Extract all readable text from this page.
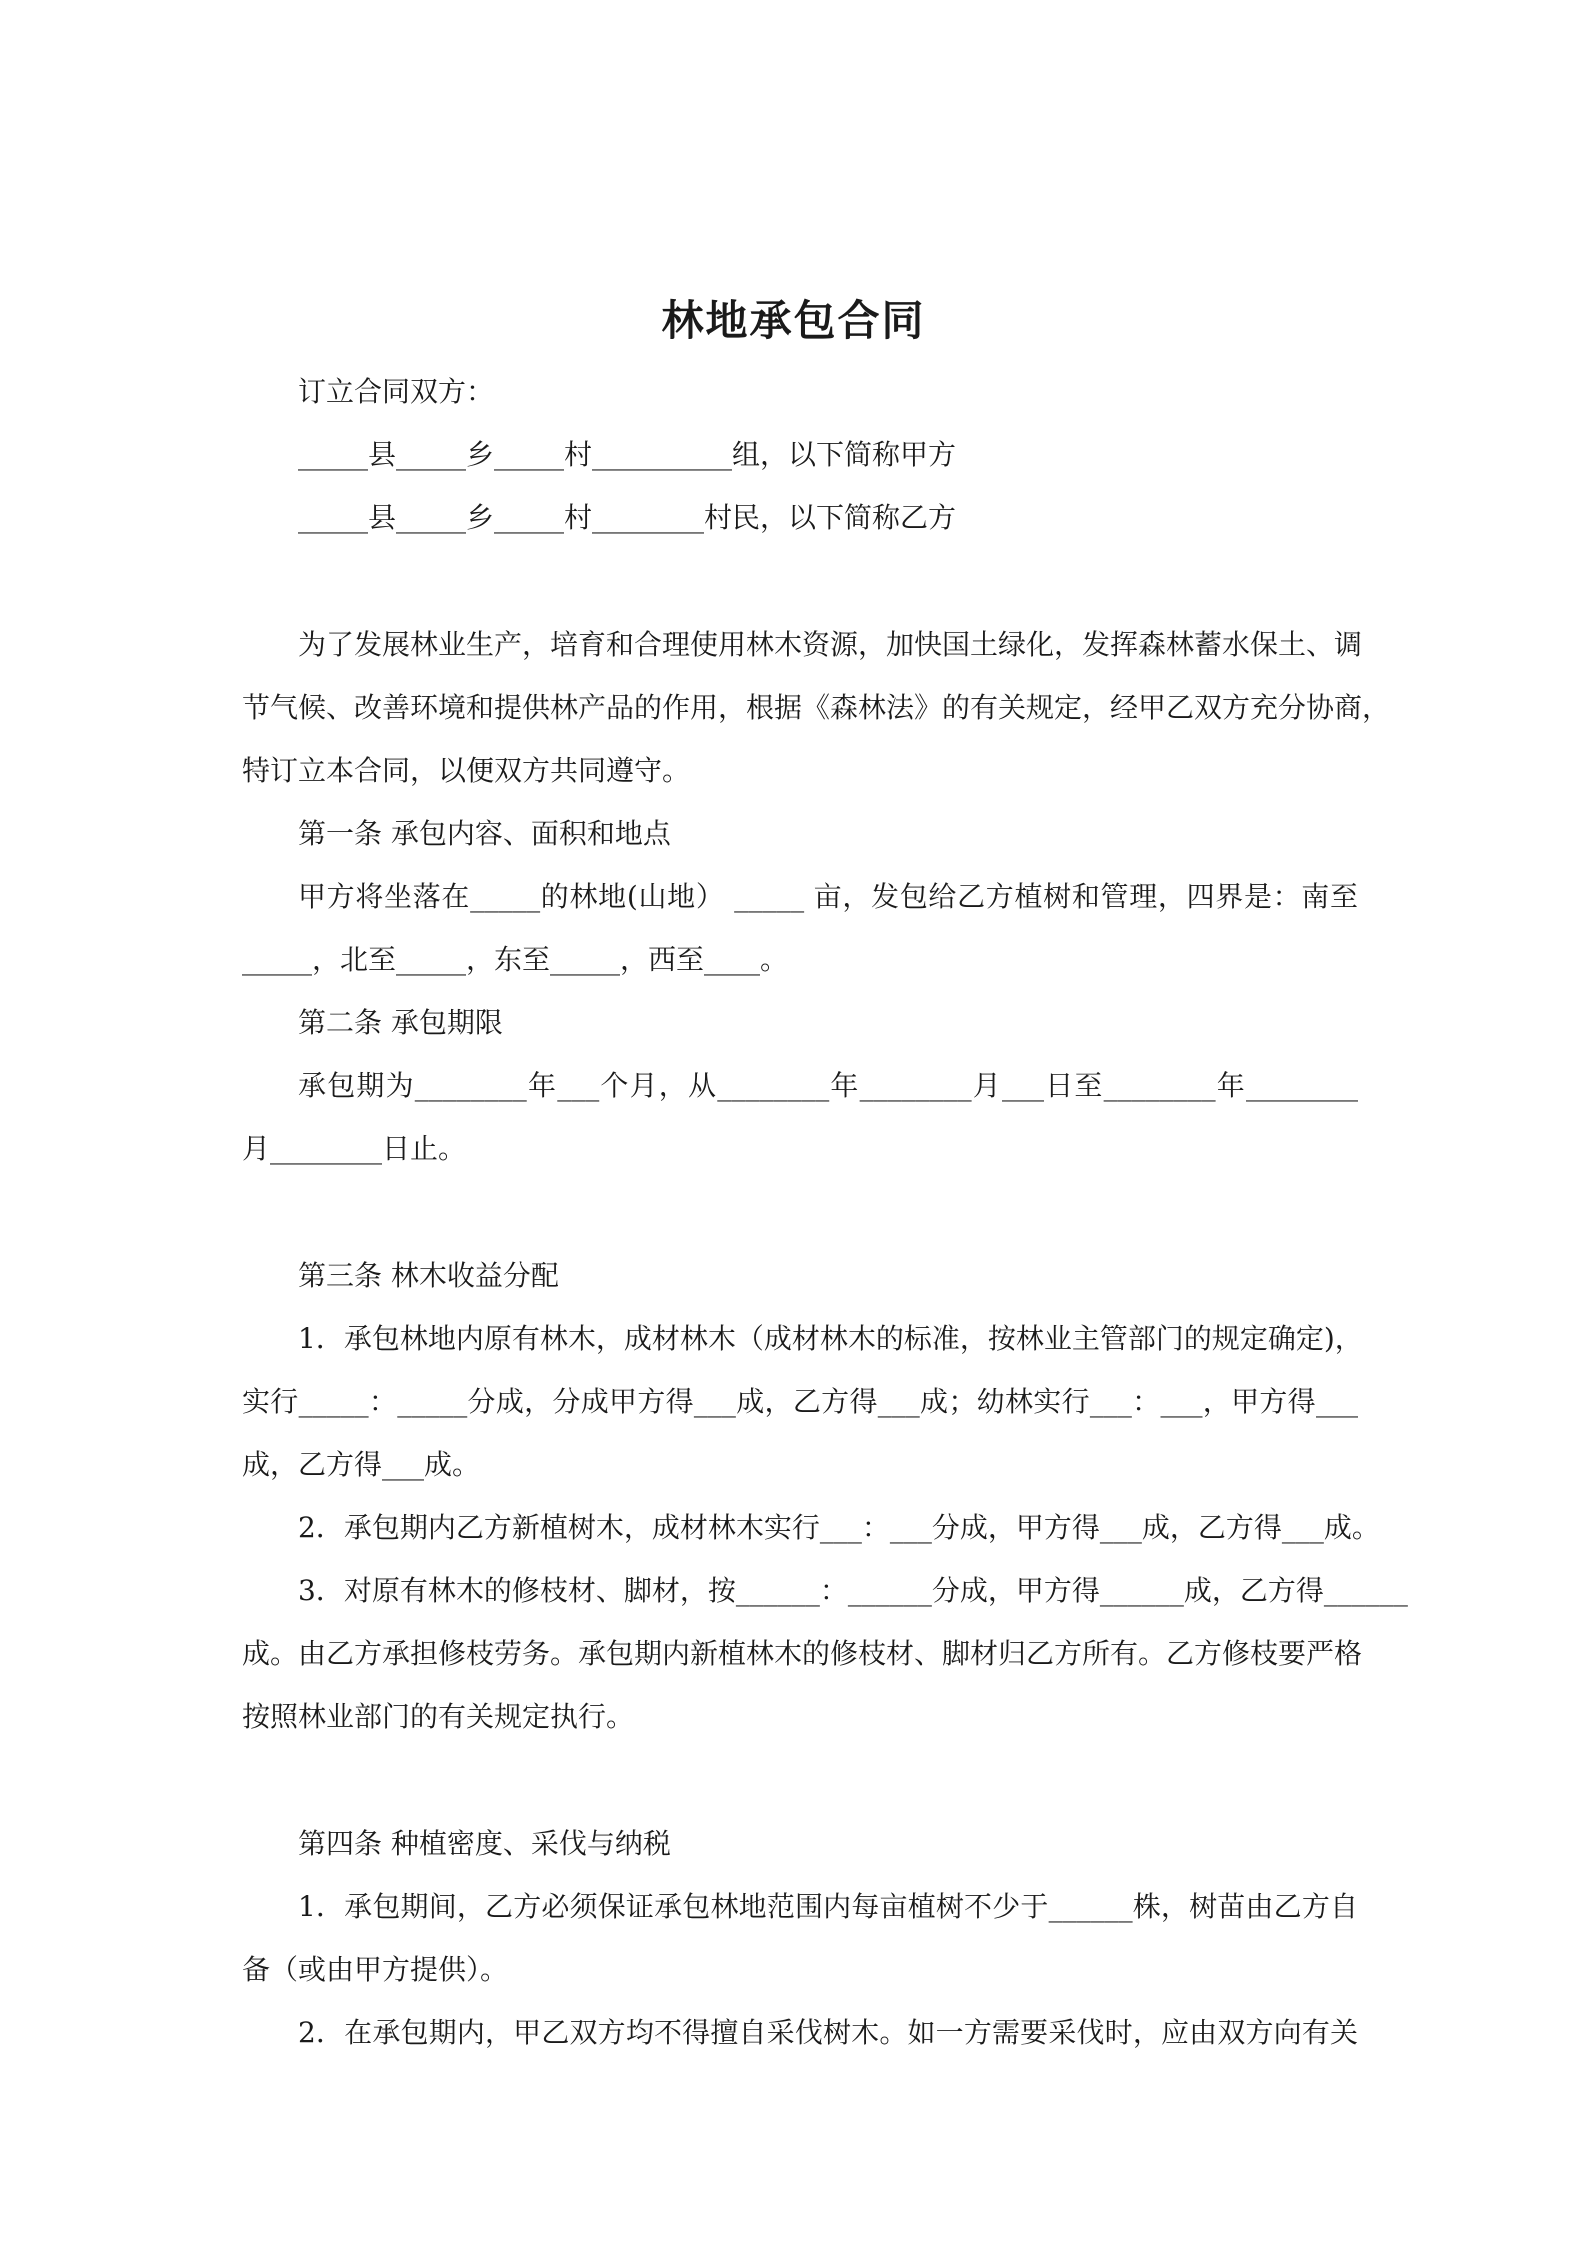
林地承包合同
订立合同双方：
_____县_____乡_____村__________组，以下简称甲方
_____县_____乡_____村________村民，以下简称乙方
为了发展林业生产，培育和合理使用林木资源，加快国土绿化，发挥森林蓄水保土、调
节气候、改善环境和提供林产品的作用，根据《森林法》的有关规定，经甲乙双方充分协商，
特订立本合同，以便双方共同遵守。
第一条 承包内容、面积和地点
甲方将坐落在_____的林地(山地） _____ 亩，发包给乙方植树和管理，四界是：南至
_____，北至_____，东至_____，西至____。
第二条 承包期限
承包期为________年___个月，从________年________月___日至________年________
月________日止。
第三条 林木收益分配
1．承包林地内原有林木，成材林木（成材林木的标准，按林业主管部门的规定确定)，
实行_____：_____分成，分成甲方得___成，乙方得___成；幼林实行___：___，甲方得___
成，乙方得___成。
2．承包期内乙方新植树木，成材林木实行___：___分成，甲方得___成，乙方得___成。
3．对原有林木的修枝材、脚材，按______：______分成，甲方得______成，乙方得______
成。由乙方承担修枝劳务。承包期内新植林木的修枝材、脚材归乙方所有。乙方修枝要严格
按照林业部门的有关规定执行。
第四条 种植密度、采伐与纳税
1．承包期间，乙方必须保证承包林地范围内每亩植树不少于______株，树苗由乙方自
备（或由甲方提供）。
2．在承包期内，甲乙双方均不得擅自采伐树木。如一方需要采伐时，应由双方向有关
